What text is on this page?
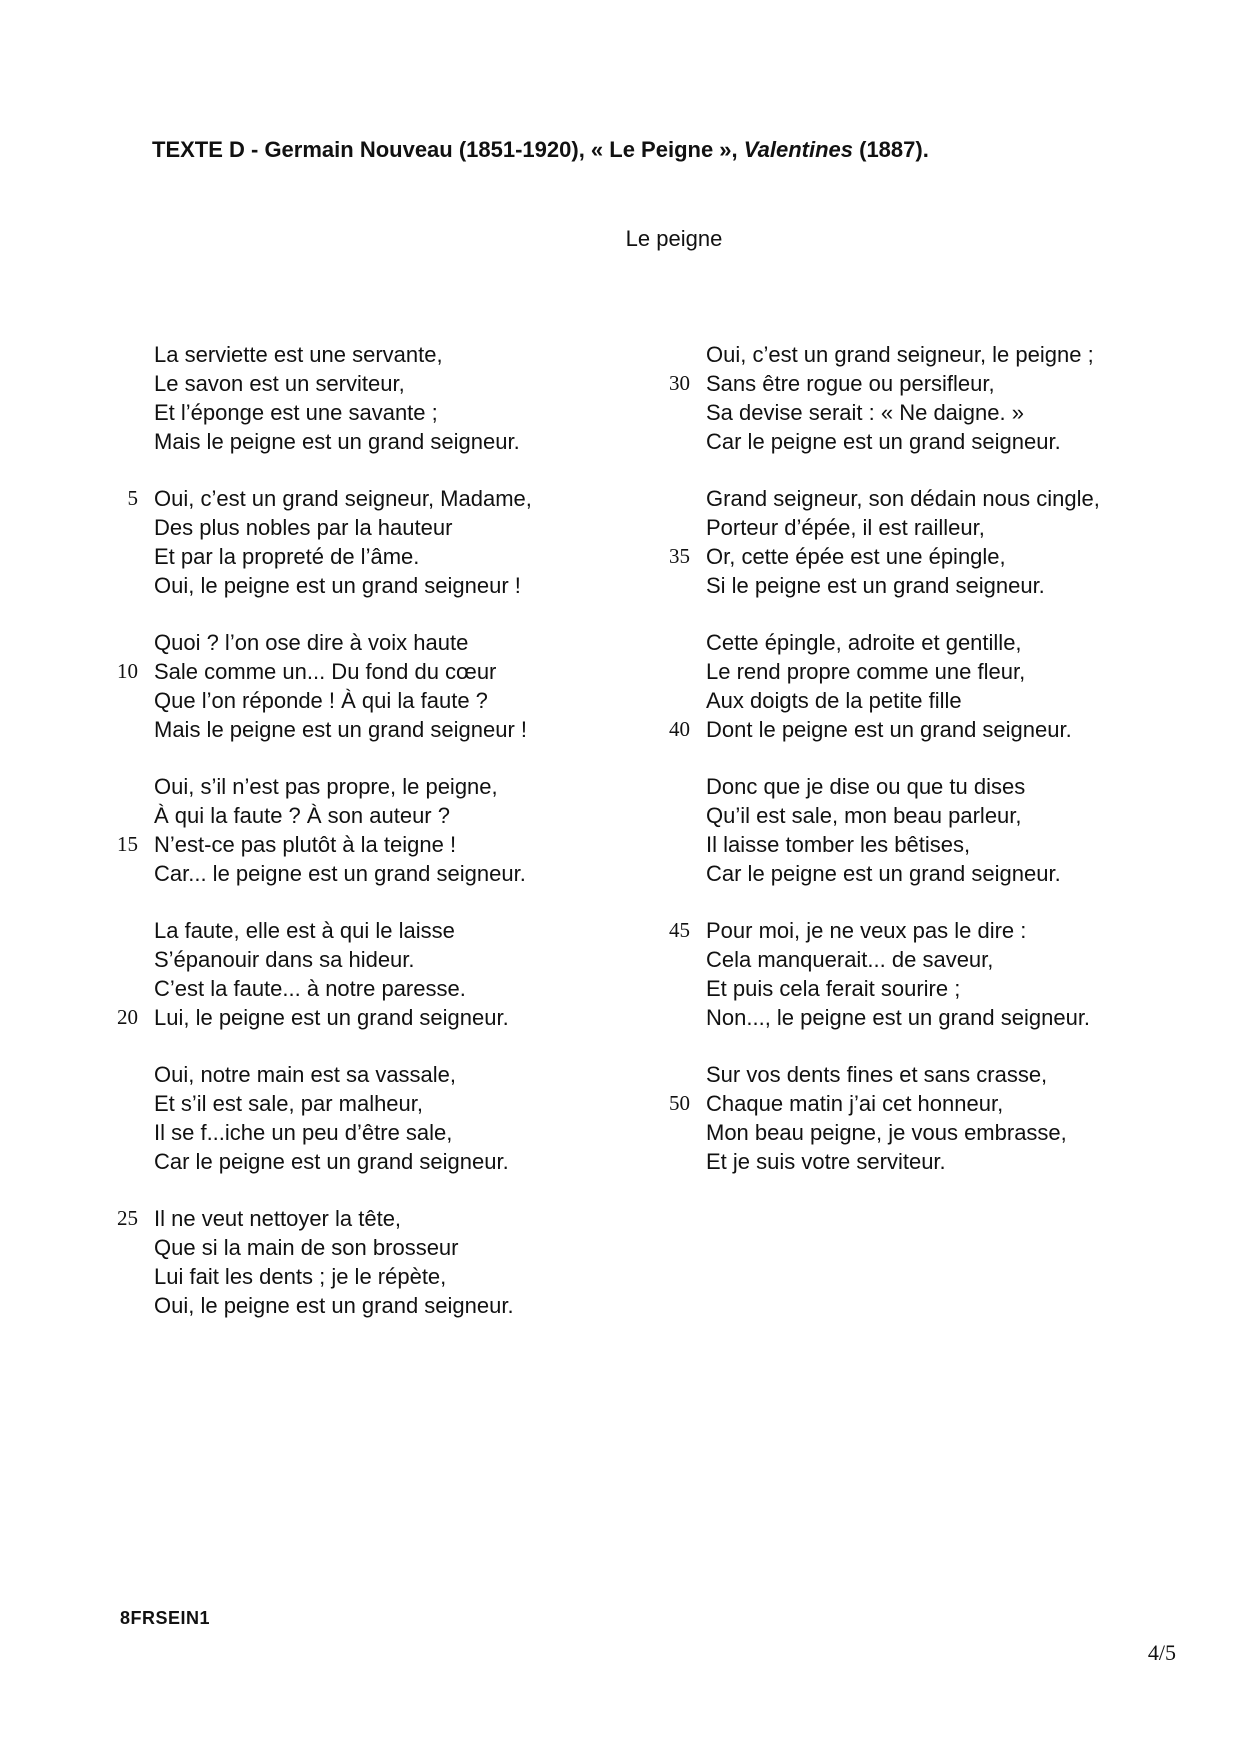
TEXTE D - Germain Nouveau (1851-1920), « Le Peigne », Valentines (1887).
Le peigne
La serviette est une servante,
Le savon est un serviteur,
Et l’éponge est une savante ;
Mais le peigne est un grand seigneur.
5 Oui, c’est un grand seigneur, Madame,
Des plus nobles par la hauteur
Et par la propreté de l’âme.
Oui, le peigne est un grand seigneur !
Quoi ? l’on ose dire à voix haute
10 Sale comme un... Du fond du cœur
Que l’on réponde ! À qui la faute ?
Mais le peigne est un grand seigneur !
Oui, s’il n’est pas propre, le peigne,
À qui la faute ? À son auteur ?
15 N’est-ce pas plutôt à la teigne !
Car... le peigne est un grand seigneur.
La faute, elle est à qui le laisse
S’épanouir dans sa hideur.
C’est la faute... à notre paresse.
20 Lui, le peigne est un grand seigneur.
Oui, notre main est sa vassale,
Et s’il est sale, par malheur,
Il se f...iche un peu d’être sale,
Car le peigne est un grand seigneur.
25 Il ne veut nettoyer la tête,
Que si la main de son brosseur
Lui fait les dents ; je le répète,
Oui, le peigne est un grand seigneur.
Oui, c’est un grand seigneur, le peigne ;
30 Sans être rogue ou persifleur,
Sa devise serait : « Ne daigne. »
Car le peigne est un grand seigneur.
Grand seigneur, son dédain nous cingle,
Porteur d’épée, il est railleur,
35 Or, cette épée est une épingle,
Si le peigne est un grand seigneur.
Cette épingle, adroite et gentille,
Le rend propre comme une fleur,
Aux doigts de la petite fille
40 Dont le peigne est un grand seigneur.
Donc que je dise ou que tu dises
Qu’il est sale, mon beau parleur,
Il laisse tomber les bêtises,
Car le peigne est un grand seigneur.
45 Pour moi, je ne veux pas le dire :
Cela manquerait... de saveur,
Et puis cela ferait sourire ;
Non..., le peigne est un grand seigneur.
Sur vos dents fines et sans crasse,
50 Chaque matin j’ai cet honneur,
Mon beau peigne, je vous embrasse,
Et je suis votre serviteur.
8FRSEIN1
4/5
